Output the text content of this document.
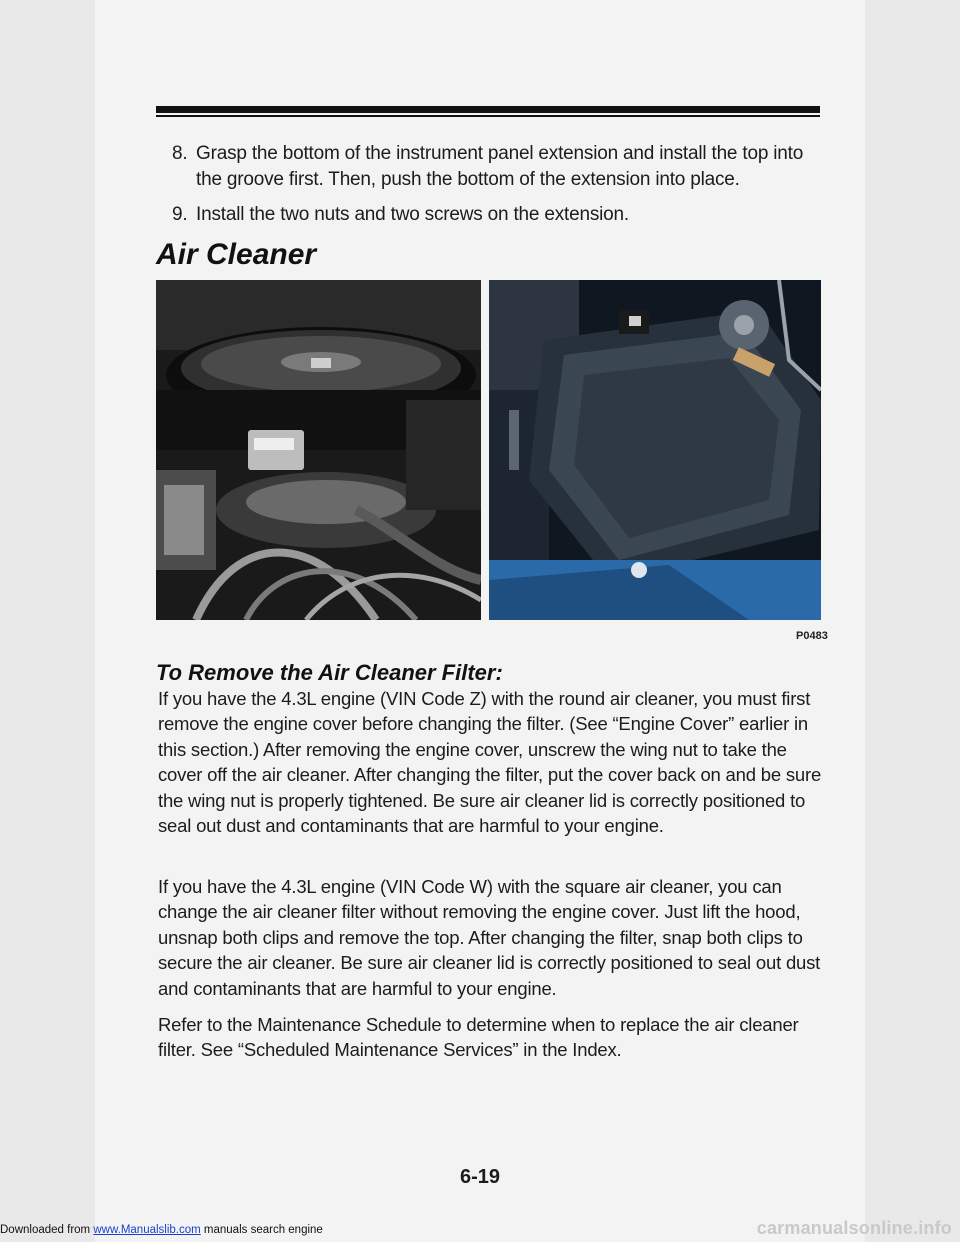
8. Grasp the bottom of the instrument panel extension and install the top into the groove first. Then, push the bottom of the extension into place.
9. Install the two nuts and two screws on the extension.
Air Cleaner
P0483
To Remove the Air Cleaner Filter:

If you have the 4.3L engine (VIN Code Z) with the round air cleaner, you must first remove the engine cover before changing the filter. (See “Engine Cover” earlier in this section.) After removing the engine cover, unscrew the wing nut to take the cover off the air cleaner. After changing the filter, put the cover back on and be sure the wing nut is properly tightened. Be sure air cleaner lid is correctly positioned to seal out dust and contaminants that are harmful to your engine.

If you have the 4.3L engine (VIN Code W) with the square air cleaner, you can change the air cleaner filter without removing the engine cover. Just lift the hood, unsnap both clips and remove the top. After changing the filter, snap both clips to secure the air cleaner. Be sure air cleaner lid is correctly positioned to seal out dust and contaminants that are harmful to your engine.

Refer to the Maintenance Schedule to determine when to replace the air cleaner filter. See “Scheduled Maintenance Services” in the Index.

6-19
Downloaded from www.Manualslib.com manuals search engine	carmanualsonline.info
